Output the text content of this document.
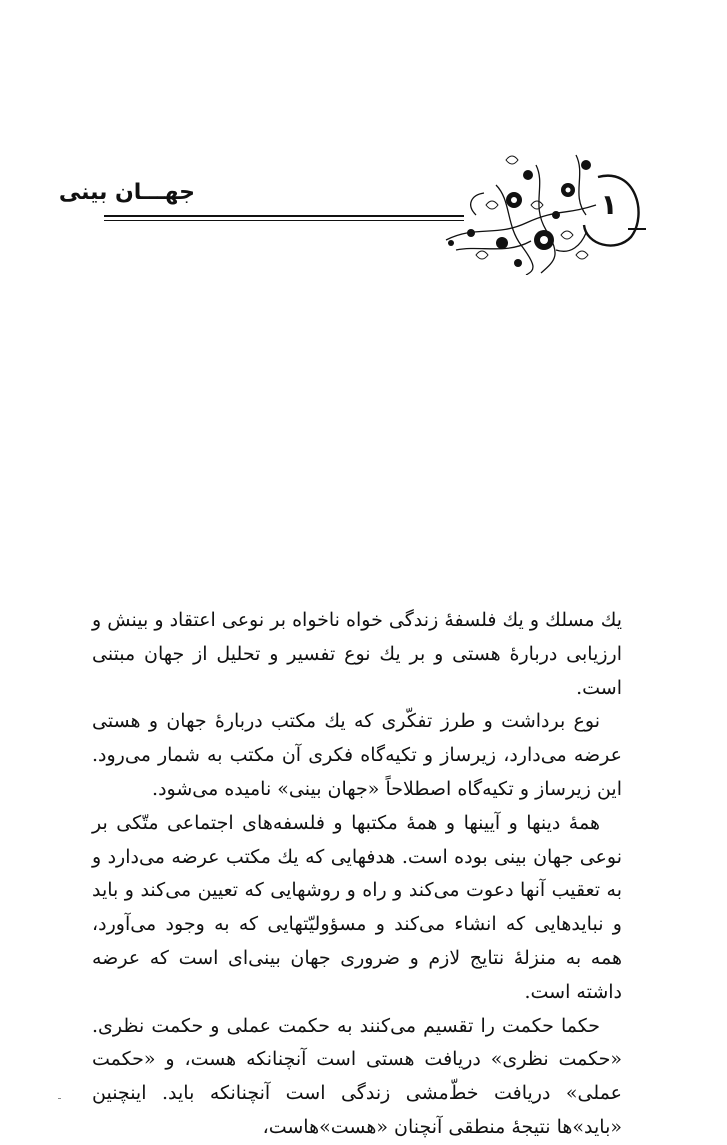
جهـــان بینی	۱

یك مسلك و یك فلسفهٔ زندگی خواه ناخواه بر نوعی اعتقاد و بینش و ارزیابی دربارهٔ هستی و بر یك نوع تفسیر و تحلیل از جهان مبتنی است.

نوع برداشت و طرز تفكّری كه یك مكتب دربارهٔ جهان و هستی عرضه می‌دارد، زیرساز و تكیه‌گاه فكری آن مكتب به شمار می‌رود. این زیرساز و تكیه‌گاه اصطلاحاً «جهان بینی» نامیده می‌شود.

همهٔ دینها و آیینها و همهٔ مكتبها و فلسفه‌های اجتماعی متّكی بر نوعی جهان بینی بوده است. هدفهایی كه یك مكتب عرضه می‌دارد و به تعقیب آنها دعوت می‌كند و راه و روشهایی كه تعیین می‌كند و باید و نبایدهایی كه انشاء می‌كند و مسؤولیّتهایی كه به وجود می‌آورد، همه به منزلهٔ نتایج لازم و ضروری جهان بینی‌ای است كه عرضه داشته است.

حكما حكمت را تقسیم می‌كنند به حكمت عملی و حكمت نظری. «حكمت نظری» دریافت هستی است آنچنانكه هست، و «حكمت عملی» دریافت خطّ‌مشی زندگی است آنچنانكه باید. اینچنین «باید»ها نتیجهٔ منطقی آنچنان «هست»هاست،
